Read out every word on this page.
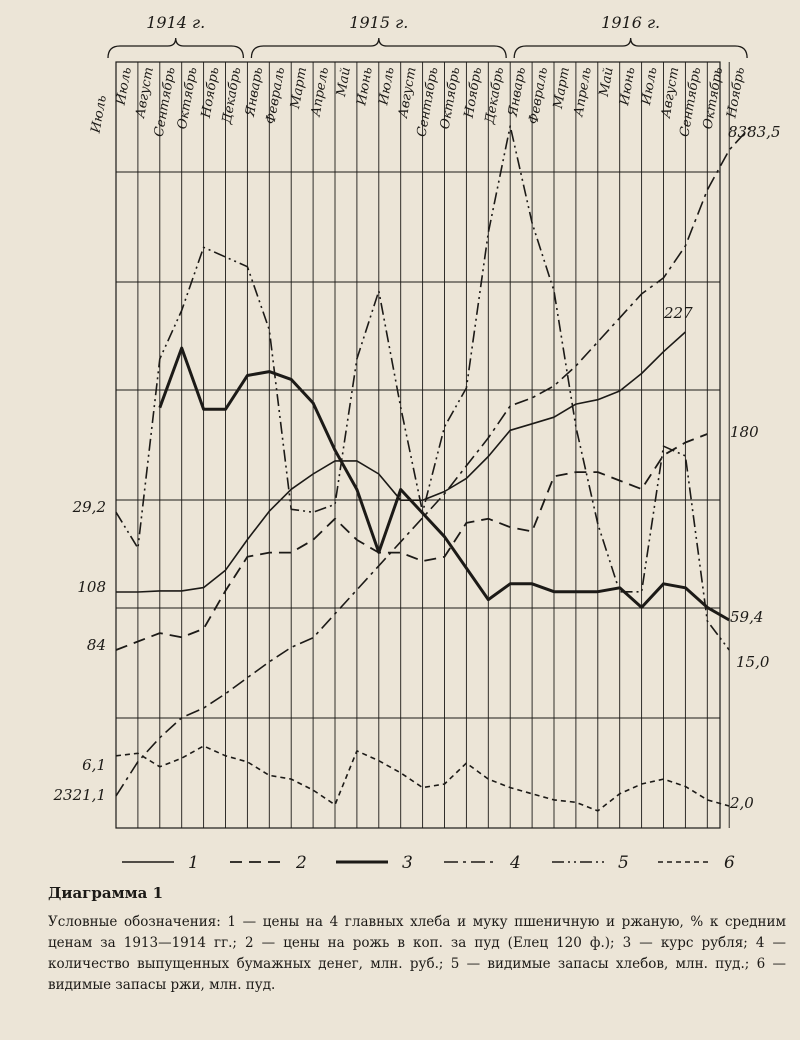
Июль
Август
Сентябрь
Октябрь
Ноябрь
Декабрь
Январь
Февраль Март
Апрель Май Июнь Июль
Август
Сентябрь
Октябрь
Ноябрь
Декабрь
Январь
Февраль Март
Апрель Май Июнь Июль
Август
Сентябрь
Октябрь
Ноябрь
1914 г.	1915 г.	1916 г.
29,2
108
84
6,1
2321,1
8383,5
227
180
59,4
15,0
2,0
Июль
1	2	3	4	5	6

Диаграмма 1

Условные обозначения: 1 — цены на 4 главных хлеба и муку пшеничную и ржаную, % к средним ценам за 1913—1914 гг.; 2 — цены на рожь в коп. за пуд (Елец 120 ф.); 3 — курс рубля; 4 — количество выпущенных бумажных денег, млн. руб.; 5 — видимые запасы хлебов, млн. пуд.; 6 — видимые запасы ржи, млн. пуд.
